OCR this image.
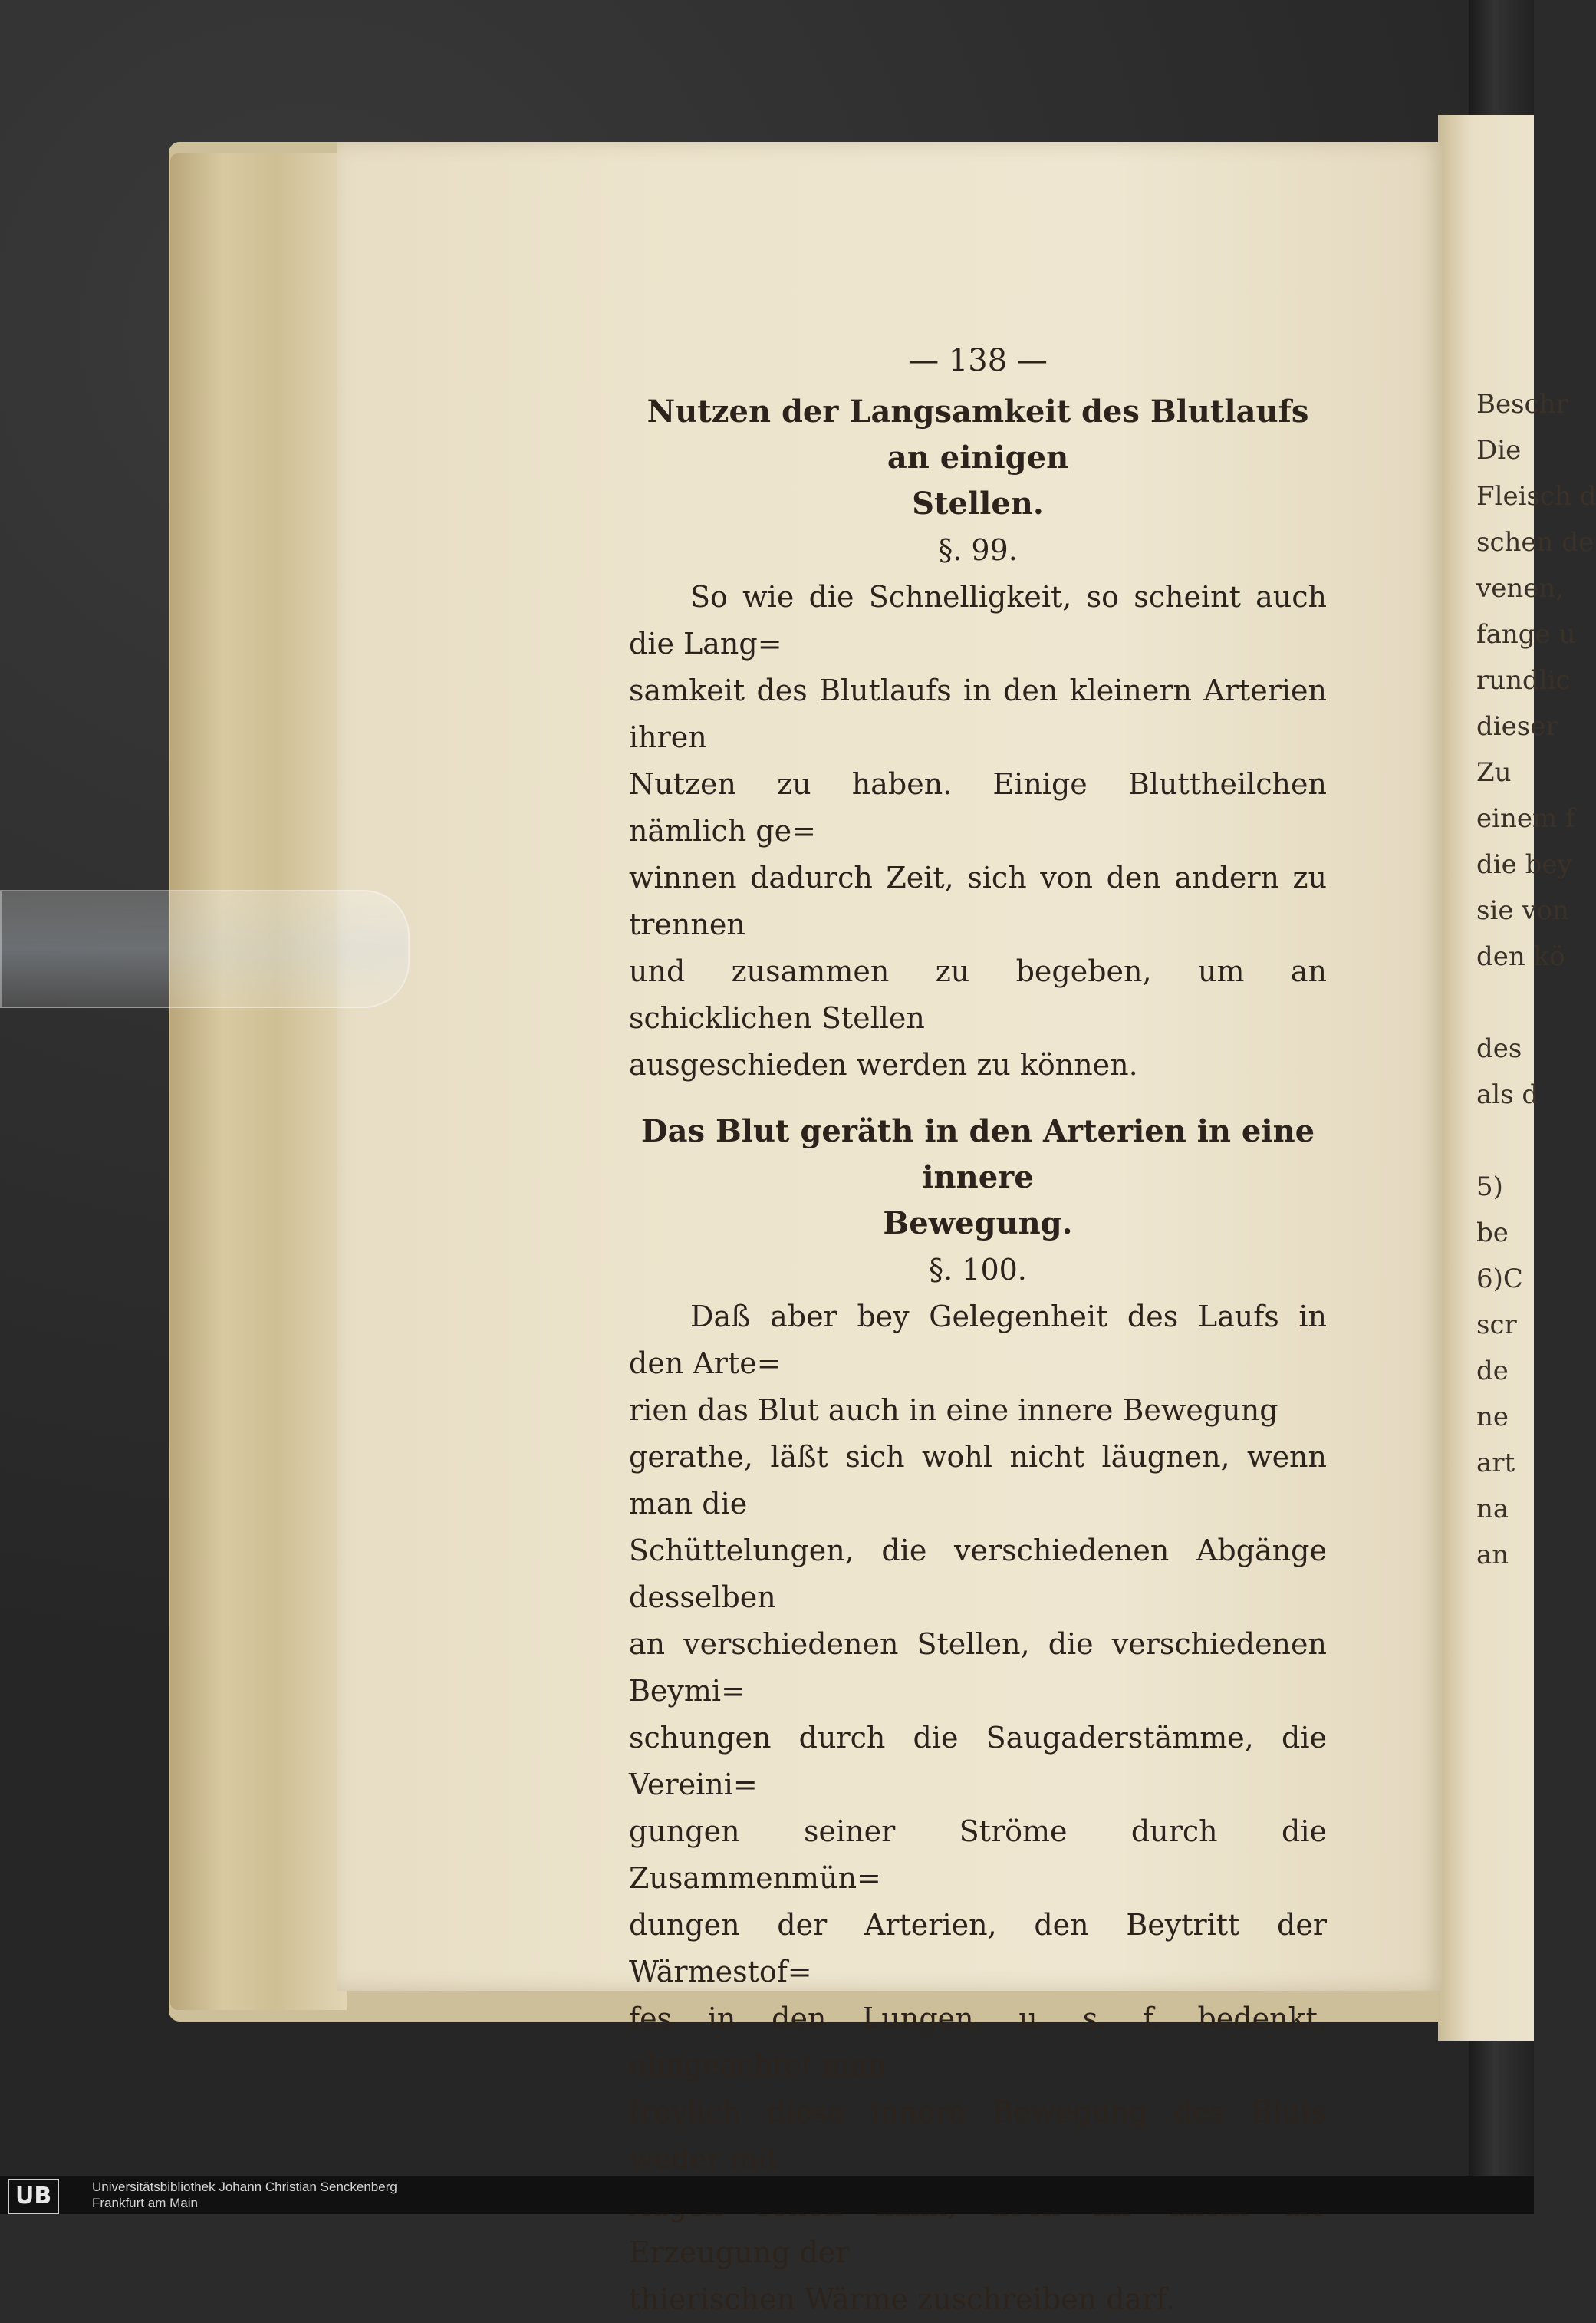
Beschr
Die
Fleisch d
schen de
venen,
fange u
rundlic
dieser
Zu
einem f
die bey
sie von
den kö
des
als d
5)
be
6)C
scr
de
ne
art
na
an
— 138 —
Nutzen der Langsamkeit des Blutlaufs an einigen
Stellen.
§. 99.
So wie die Schnelligkeit, so scheint auch die Lang=
samkeit des Blutlaufs in den kleinern Arterien ihren
Nutzen zu haben. Einige Bluttheilchen nämlich ge=
winnen dadurch Zeit, sich von den andern zu trennen
und zusammen zu begeben, um an schicklichen Stellen
ausgeschieden werden zu können.
Das Blut geräth in den Arterien in eine innere
Bewegung.
§. 100.
Daß aber bey Gelegenheit des Laufs in den Arte=
rien das Blut auch in eine innere Bewegung
gerathe, läßt sich wohl nicht läugnen, wenn man die
Schüttelungen, die verschiedenen Abgänge desselben
an verschiedenen Stellen, die verschiedenen Beymi=
schungen durch die Saugaderstämme, die Vereini=
gungen seiner Ströme durch die Zusammenmün=
dungen der Arterien, den Beytritt der Wärmestof=
fes in den Lungen, u. s. f. bedenkt, ohngeachtet man
freylich diese innere Bewegung des Bluts weder mit
Erzeugung der
thierischen Wärme zuschreiben darf.
UB	Universitätsbibliothek Johann Christian Senckenberg
Frankfurt am Main
